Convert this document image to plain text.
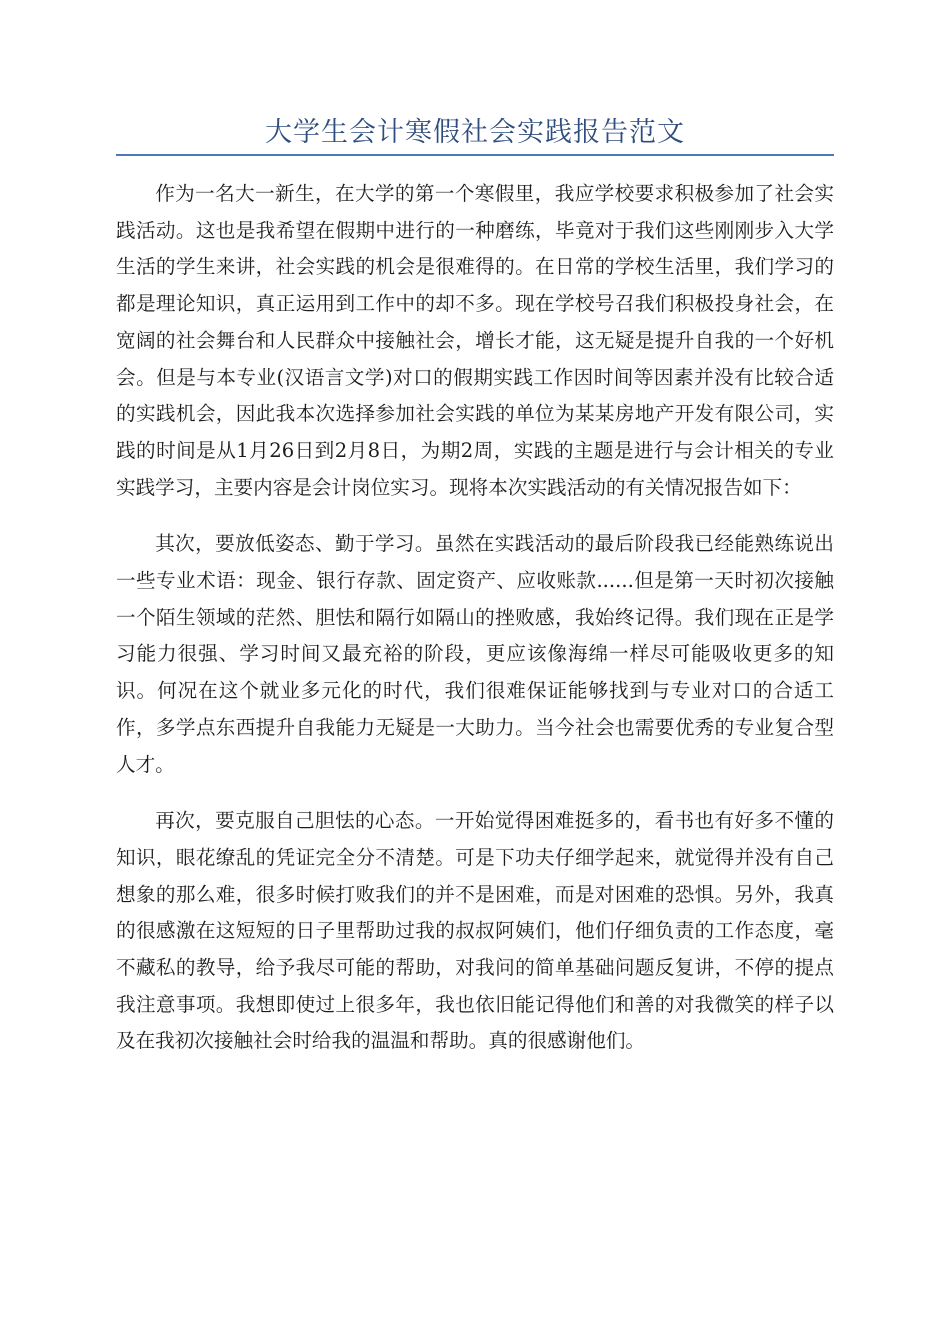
大学生会计寒假社会实践报告范文

作为一名大一新生，在大学的第一个寒假里，我应学校要求积极参加了社会实践活动。这也是我希望在假期中进行的一种磨练，毕竟对于我们这些刚刚步入大学生活的学生来讲，社会实践的机会是很难得的。在日常的学校生活里，我们学习的都是理论知识，真正运用到工作中的却不多。现在学校号召我们积极投身社会，在宽阔的社会舞台和人民群众中接触社会，增长才能，这无疑是提升自我的一个好机会。但是与本专业(汉语言文学)对口的假期实践工作因时间等因素并没有比较合适的实践机会，因此我本次选择参加社会实践的单位为某某房地产开发有限公司，实践的时间是从1月26日到2月8日，为期2周，实践的主题是进行与会计相关的专业实践学习，主要内容是会计岗位实习。现将本次实践活动的有关情况报告如下：

其次，要放低姿态、勤于学习。虽然在实践活动的最后阶段我已经能熟练说出一些专业术语：现金、银行存款、固定资产、应收账款......但是第一天时初次接触一个陌生领域的茫然、胆怯和隔行如隔山的挫败感，我始终记得。我们现在正是学习能力很强、学习时间又最充裕的阶段，更应该像海绵一样尽可能吸收更多的知识。何况在这个就业多元化的时代，我们很难保证能够找到与专业对口的合适工作，多学点东西提升自我能力无疑是一大助力。当今社会也需要优秀的专业复合型人才。

再次，要克服自己胆怯的心态。一开始觉得困难挺多的，看书也有好多不懂的知识，眼花缭乱的凭证完全分不清楚。可是下功夫仔细学起来，就觉得并没有自己想象的那么难，很多时候打败我们的并不是困难，而是对困难的恐惧。另外，我真的很感激在这短短的日子里帮助过我的叔叔阿姨们，他们仔细负责的工作态度，毫不藏私的教导，给予我尽可能的帮助，对我问的简单基础问题反复讲，不停的提点我注意事项。我想即使过上很多年，我也依旧能记得他们和善的对我微笑的样子以及在我初次接触社会时给我的温温和帮助。真的很感谢他们。
